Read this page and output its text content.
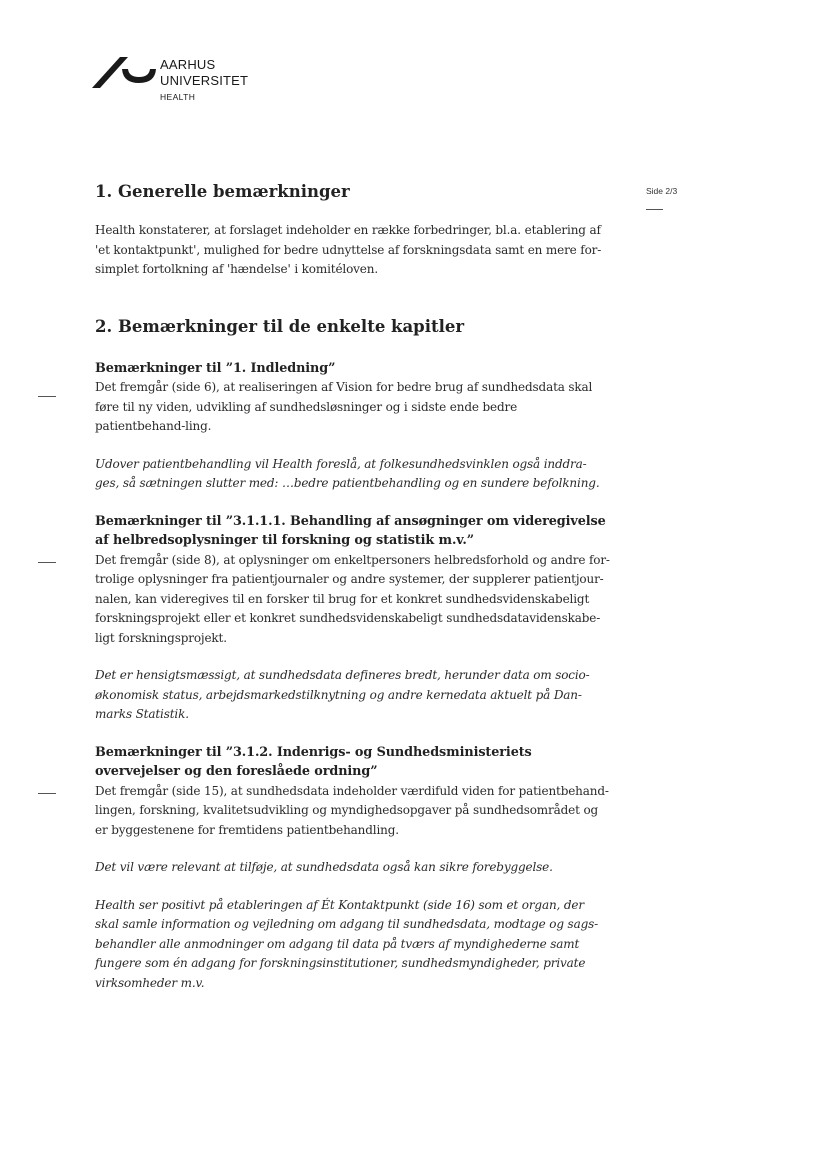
AARHUS
UNIVERSITET
HEALTH
Side 2/3
1. Generelle bemærkninger

Health konstaterer, at forslaget indeholder en række forbedringer, bl.a. etablering af 'et kontaktpunkt', mulighed for bedre udnyttelse af forskningsdata samt en mere for-simplet fortolkning af 'hændelse' i komitéloven.

2. Bemærkninger til de enkelte kapitler

Bemærkninger til ”1. Indledning”

Det fremgår (side 6), at realiseringen af Vision for bedre brug af sundhedsdata skal føre til ny viden, udvikling af sundhedsløsninger og i sidste ende bedre patientbehand-ling.

Udover patientbehandling vil Health foreslå, at folkesundhedsvinklen også inddra-ges, så sætningen slutter med: …bedre patientbehandling og en sundere befolkning.

Bemærkninger til ”3.1.1.1. Behandling af ansøgninger om videregivelse af helbredsoplysninger til forskning og statistik m.v.”

Det fremgår (side 8), at oplysninger om enkeltpersoners helbredsforhold og andre for-trolige oplysninger fra patientjournaler og andre systemer, der supplerer patientjour-nalen, kan videregives til en forsker til brug for et konkret sundhedsvidenskabeligt forskningsprojekt eller et konkret sundhedsvidenskabeligt sundhedsdatavidenskabe-ligt forskningsprojekt.

Det er hensigtsmæssigt, at sundhedsdata defineres bredt, herunder data om socio-økonomisk status, arbejdsmarkedstilknytning og andre kernedata aktuelt på Dan-marks Statistik.

Bemærkninger til ”3.1.2. Indenrigs- og Sundhedsministeriets overvejelser og den foreslåede ordning”

Det fremgår (side 15), at sundhedsdata indeholder værdifuld viden for patientbehand-lingen, forskning, kvalitetsudvikling og myndighedsopgaver på sundhedsområdet og er byggestenene for fremtidens patientbehandling.

Det vil være relevant at tilføje, at sundhedsdata også kan sikre forebyggelse.

Health ser positivt på etableringen af Ét Kontaktpunkt (side 16) som et organ, der skal samle information og vejledning om adgang til sundhedsdata, modtage og sags-behandler alle anmodninger om adgang til data på tværs af myndighederne samt fungere som én adgang for forskningsinstitutioner, sundhedsmyndigheder, private virksomheder m.v.
